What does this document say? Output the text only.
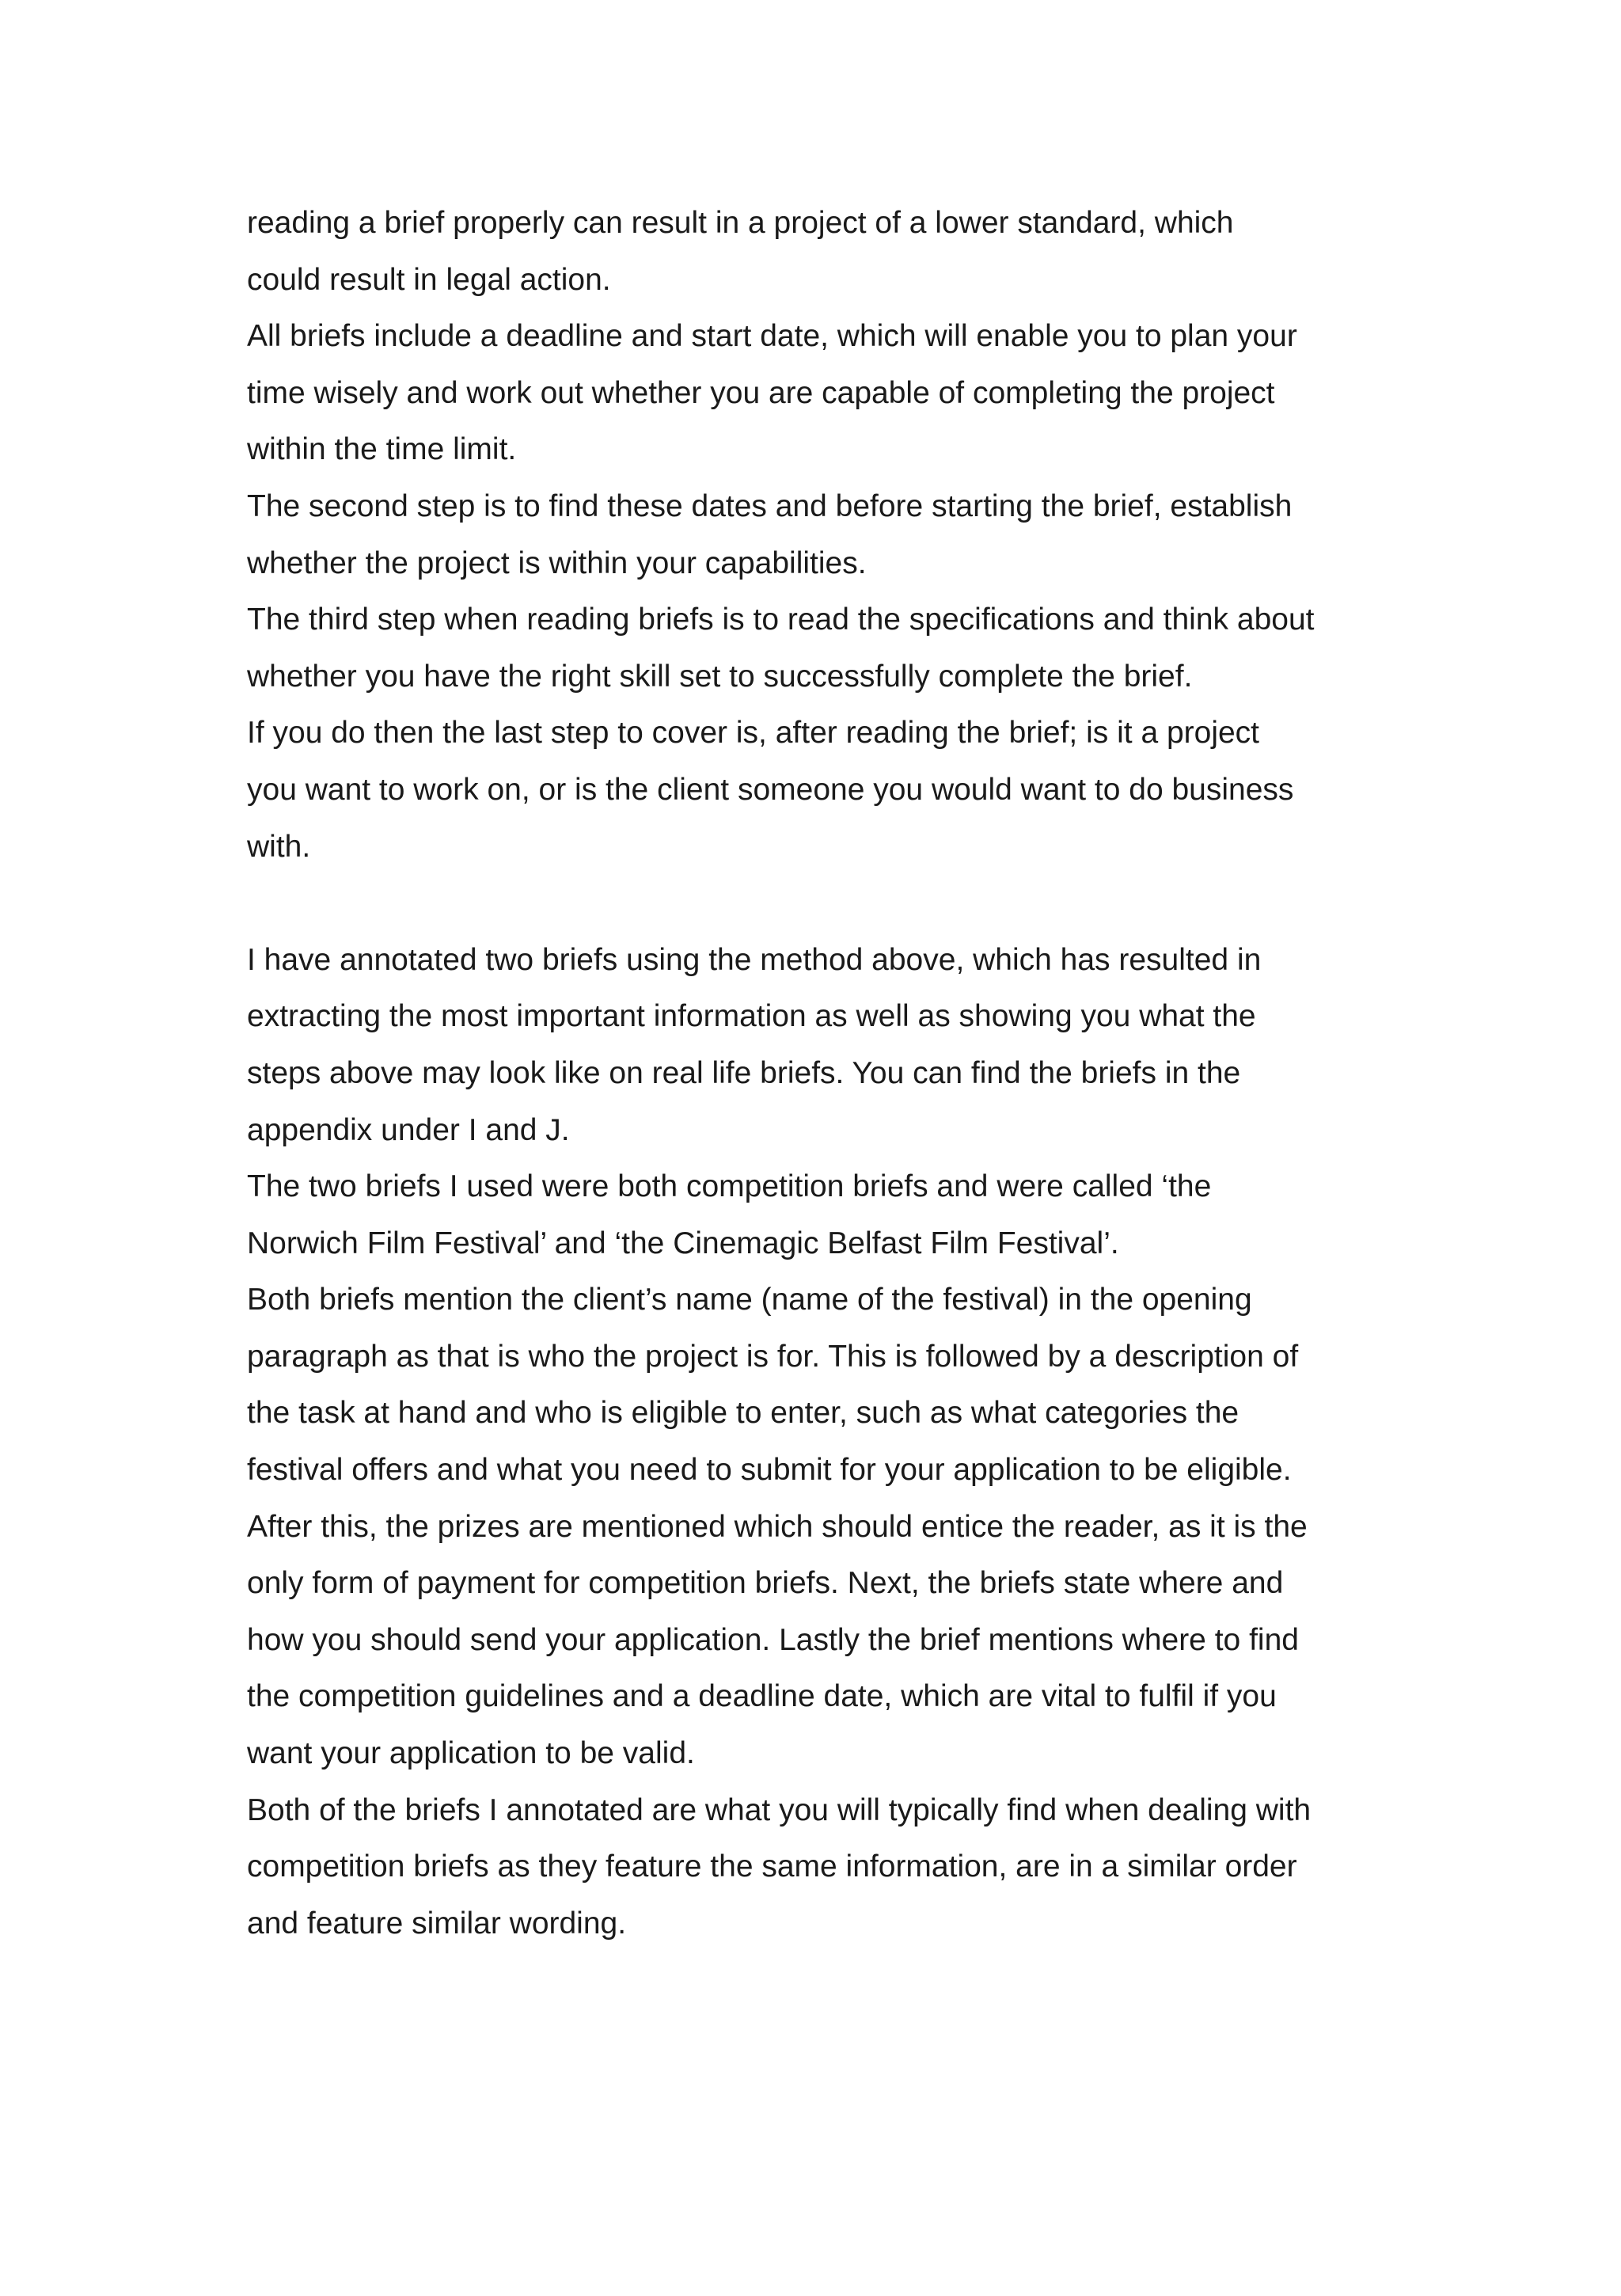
reading a brief properly can result in a project of a lower standard, which
could result in legal action.
All briefs include a deadline and start date, which will enable you to plan your
time wisely and work out whether you are capable of completing the project
within the time limit.
The second step is to find these dates and before starting the brief, establish
whether the project is within your capabilities.
The third step when reading briefs is to read the specifications and think about
whether you have the right skill set to successfully complete the brief.
If you do then the last step to cover is, after reading the brief; is it a project
you want to work on, or is the client someone you would want to do business
with.
I have annotated two briefs using the method above, which has resulted in
extracting the most important information as well as showing you what the
steps above may look like on real life briefs. You can find the briefs in the
appendix under I and J.
The two briefs I used were both competition briefs and were called ‘the
Norwich Film Festival’ and ‘the Cinemagic Belfast Film Festival’.
Both briefs mention the client’s name (name of the festival) in the opening
paragraph as that is who the project is for. This is followed by a description of
the task at hand and who is eligible to enter, such as what categories the
festival offers and what you need to submit for your application to be eligible.
After this, the prizes are mentioned which should entice the reader, as it is the
only form of payment for competition briefs. Next, the briefs state where and
how you should send your application. Lastly the brief mentions where to find
the competition guidelines and a deadline date, which are vital to fulfil if you
want your application to be valid.
Both of the briefs I annotated are what you will typically find when dealing with
competition briefs as they feature the same information, are in a similar order
and feature similar wording.
